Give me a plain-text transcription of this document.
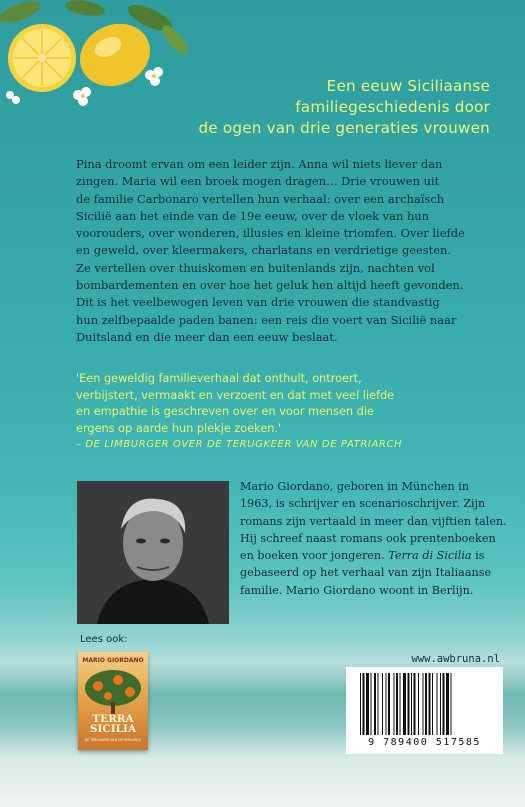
Een eeuw Siciliaanse
familiegeschiedenis door
de ogen van drie generaties vrouwen
Pina droomt ervan om een leider zijn. Anna wil niets liever dan
zingen. Maria wil een broek mogen dragen… Drie vrouwen uit
de familie Carbonaro vertellen hun verhaal: over een archaïsch
Sicilië aan het einde van de 19e eeuw, over de vloek van hun
voorouders, over wonderen, illusies en kleine triomfen. Over liefde
en geweld, over kleermakers, charlatans en verdrietige geesten.
Ze vertellen over thuiskomen en buitenlands zijn, nachten vol
bombardementen en over hoe het geluk hen altijd heeft gevonden.
Dit is het veelbewogen leven van drie vrouwen die standvastig
hun zelfbepaalde paden banen: een reis die voert van Sicilië naar
Duitsland en die meer dan een eeuw beslaat.
'Een geweldig familieverhaal dat onthult, ontroert,
verbijstert, vermaakt en verzoent en dat met veel liefde
en empathie is geschreven over en voor mensen die
ergens op aarde hun plekje zoeken.'
– DE LIMBURGER OVER DE TERUGKEER VAN DE PATRIARCH
Mario Giordano, geboren in München in
1963, is schrijver en scenarioschrijver. Zijn
romans zijn vertaald in meer dan vijftien talen.
Hij schreef naast romans ook prentenboeken
en boeken voor jongeren. Terra di Sicilia is
gebaseerd op het verhaal van zijn Italiaanse
familie. Mario Giordano woont in Berlijn.
Lees ook:
MARIO GIORDANO
TERRA
SICILIA
DE TERUGKEER VAN DE PATRIARCH
www.awbruna.nl
9 789400 517585
